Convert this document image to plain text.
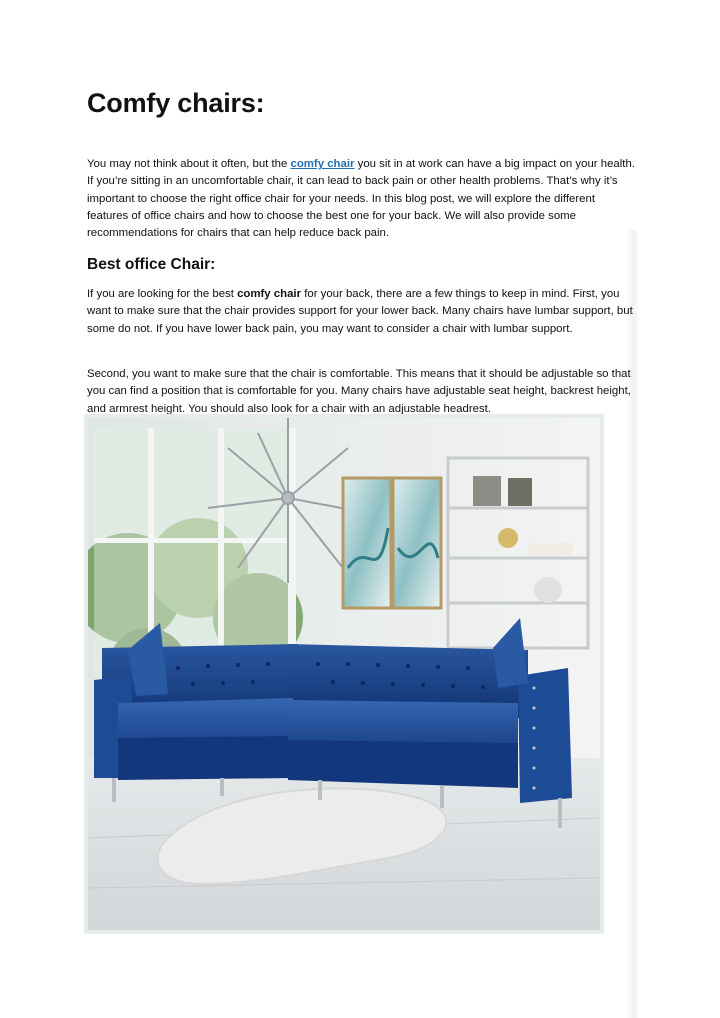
Comfy chairs:

You may not think about it often, but the comfy chair you sit in at work can have a big impact on your health. If you’re sitting in an uncomfortable chair, it can lead to back pain or other health problems. That’s why it’s important to choose the right office chair for your needs. In this blog post, we will explore the different features of office chairs and how to choose the best one for your back. We will also provide some recommendations for chairs that can help reduce back pain.

Best office Chair:

If you are looking for the best comfy chair for your back, there are a few things to keep in mind. First, you want to make sure that the chair provides support for your lower back. Many chairs have lumbar support, but some do not. If you have lower back pain, you may want to consider a chair with lumbar support.

Second, you want to make sure that the chair is comfortable. This means that it should be adjustable so that you can find a position that is comfortable for you. Many chairs have adjustable seat height, backrest height, and armrest height. You should also look for a chair with an adjustable headrest.
